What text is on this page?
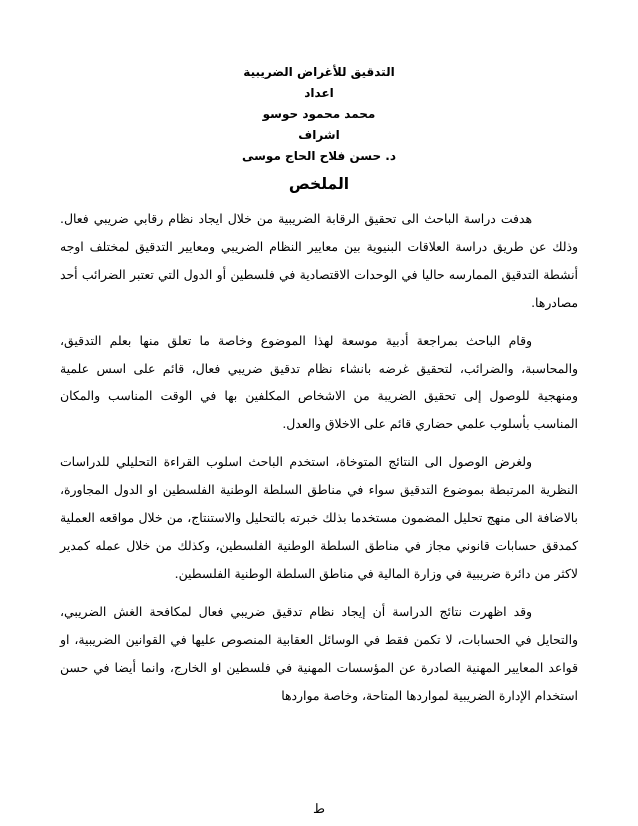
التدقيق للأغراض الضريبية
اعداد
محمد محمود حوسو
اشراف
د. حسن فلاح الحاج موسى
الملخص

هدفت دراسة الباحث الى تحقيق الرقابة الضريبية من خلال ايجاد نظام رقابي ضريبي فعال. وذلك عن طريق دراسة العلاقات البنيوية بين معايير النظام الضريبي ومعايير التدقيق لمختلف اوجه أنشطة التدقيق الممارسه حاليا في الوحدات الاقتصادية في فلسطين أو الدول التي تعتبر الضرائب أحد مصادرها.

وقام الباحث بمراجعة أدبية موسعة لهذا الموضوع وخاصة ما تعلق منها بعلم التدقيق، والمحاسبة، والضرائب، لتحقيق غرضه بانشاء نظام تدقيق ضريبي فعال، قائم على اسس علمية ومنهجية للوصول إلى تحقيق الضريبة من الاشخاص المكلفين بها في الوقت المناسب والمكان المناسب بأسلوب علمي حضاري قائم على الاخلاق والعدل.

ولغرض الوصول الى النتائج المتوخاة، استخدم الباحث اسلوب القراءة التحليلي للدراسات النظرية المرتبطة بموضوع التدقيق سواء في مناطق السلطة الوطنية الفلسطين او الدول المجاورة، بالاضافة الى منهج تحليل المضمون مستخدما بذلك خبرته بالتحليل والاستنتاج، من خلال مواقعه العملية كمدقق حسابات قانوني مجاز في مناطق السلطة الوطنية الفلسطين، وكذلك من خلال عمله كمدير لاكثر من دائرة ضريبية في وزارة المالية في مناطق السلطة الوطنية الفلسطين.

وقد اظهرت نتائج الدراسة أن إيجاد نظام تدقيق ضريبي فعال لمكافحة الغش الضريبي، والتحايل في الحسابات، لا تكمن فقط في الوسائل العقابية المنصوص عليها في القوانين الضريبية، او قواعد المعايير المهنية الصادرة عن المؤسسات المهنية في فلسطين او الخارج، وانما أيضا في حسن استخدام الإدارة الضريبية لمواردها المتاحة، وخاصة مواردها

ط
